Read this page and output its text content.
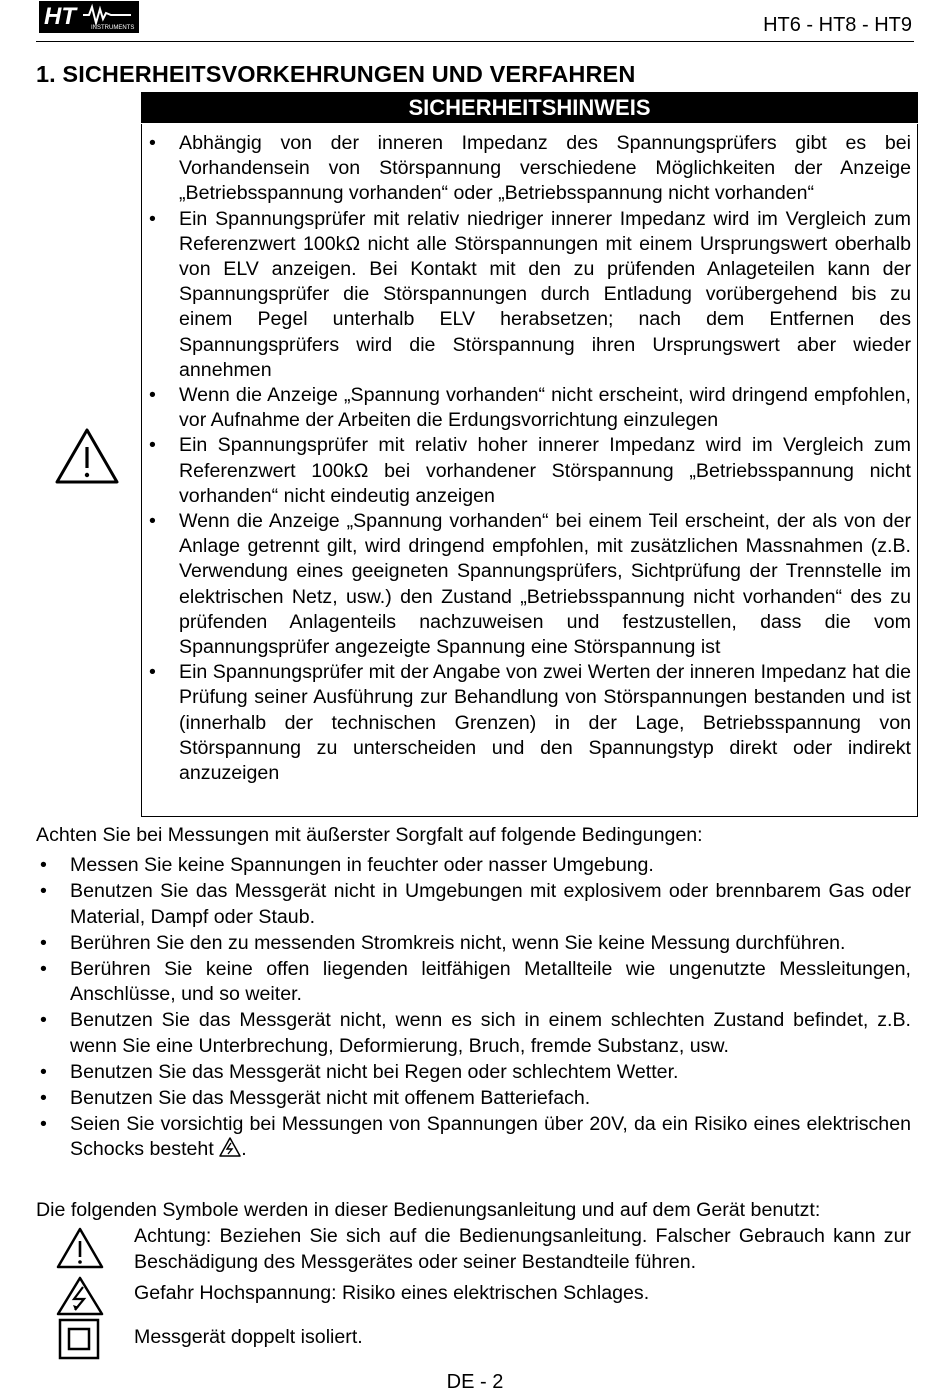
HT	INSTRUMENTS	HT6 - HT8 - HT9
1. SICHERHEITSVORKEHRUNGEN UND VERFAHREN
SICHERHEITSHINWEIS
• Abhängig von der inneren Impedanz des Spannungsprüfers gibt es bei Vorhandensein von Störspannung verschiedene Möglichkeiten der Anzeige „Betriebsspannung vorhanden“ oder „Betriebsspannung nicht vorhanden“
• Ein Spannungsprüfer mit relativ niedriger innerer Impedanz wird im Vergleich zum Referenzwert 100kΩ nicht alle Störspannungen mit einem Ursprungswert oberhalb von ELV anzeigen. Bei Kontakt mit den zu prüfenden Anlageteilen kann der Spannungsprüfer die Störspannungen durch Entladung vorübergehend bis zu einem Pegel unterhalb ELV herabsetzen; nach dem Entfernen des Spannungsprüfers wird die Störspannung ihren Ursprungswert aber wieder annehmen
• Wenn die Anzeige „Spannung vorhanden“ nicht erscheint, wird dringend empfohlen, vor Aufnahme der Arbeiten die Erdungsvorrichtung einzulegen
• Ein Spannungsprüfer mit relativ hoher innerer Impedanz wird im Vergleich zum Referenzwert 100kΩ bei vorhandener Störspannung „Betriebsspannung nicht vorhanden“ nicht eindeutig anzeigen
• Wenn die Anzeige „Spannung vorhanden“ bei einem Teil erscheint, der als von der Anlage getrennt gilt, wird dringend empfohlen, mit zusätzlichen Massnahmen (z.B. Verwendung eines geeigneten Spannungsprüfers, Sichtprüfung der Trennstelle im elektrischen Netz, usw.) den Zustand „Betriebsspannung nicht vorhanden“ des zu prüfenden Anlagenteils nachzuweisen und festzustellen, dass die vom Spannungsprüfer angezeigte Spannung eine Störspannung ist
• Ein Spannungsprüfer mit der Angabe von zwei Werten der inneren Impedanz hat die Prüfung seiner Ausführung zur Behandlung von Störspannungen bestanden und ist (innerhalb der technischen Grenzen) in der Lage, Betriebsspannung von Störspannung zu unterscheiden und den Spannungstyp direkt oder indirekt anzuzeigen
Achten Sie bei Messungen mit äußerster Sorgfalt auf folgende Bedingungen:
• Messen Sie keine Spannungen in feuchter oder nasser Umgebung.
• Benutzen Sie das Messgerät nicht in Umgebungen mit explosivem oder brennbarem Gas oder Material, Dampf oder Staub.
• Berühren Sie den zu messenden Stromkreis nicht, wenn Sie keine Messung durchführen.
• Berühren Sie keine offen liegenden leitfähigen Metallteile wie ungenutzte Messleitungen, Anschlüsse, und so weiter.
• Benutzen Sie das Messgerät nicht, wenn es sich in einem schlechten Zustand befindet, z.B. wenn Sie eine Unterbrechung, Deformierung, Bruch, fremde Substanz, usw.
• Benutzen Sie das Messgerät nicht bei Regen oder schlechtem Wetter.
• Benutzen Sie das Messgerät nicht mit offenem Batteriefach.
• Seien Sie vorsichtig bei Messungen von Spannungen über 20V, da ein Risiko eines elektrischen Schocks besteht .
Die folgenden Symbole werden in dieser Bedienungsanleitung und auf dem Gerät benutzt:
Achtung: Beziehen Sie sich auf die Bedienungsanleitung. Falscher Gebrauch kann zur Beschädigung des Messgerätes oder seiner Bestandteile führen.
Gefahr Hochspannung: Risiko eines elektrischen Schlages.
Messgerät doppelt isoliert.
DE - 2
